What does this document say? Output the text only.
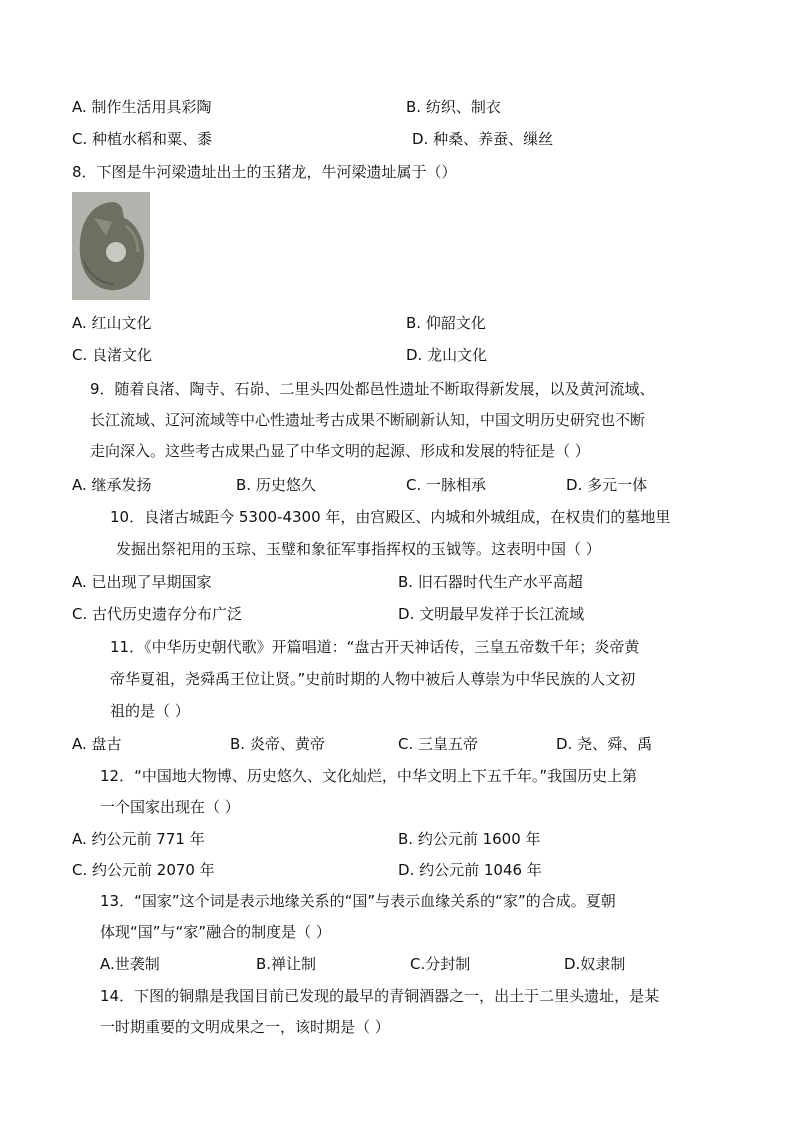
A. 制作生活用具彩陶	B. 纺织、制衣
C. 种植水稻和粟、黍	D. 种桑、养蚕、缫丝
8．下图是牛河梁遗址出土的玉猪龙，牛河梁遗址属于（）
A. 红山文化	B. 仰韶文化
C. 良渚文化	D. 龙山文化
9．随着良渚、陶寺、石峁、二里头四处都邑性遗址不断取得新发展，以及黄河流域、
长江流域、辽河流域等中心性遗址考古成果不断刷新认知，中国文明历史研究也不断
走向深入。这些考古成果凸显了中华文明的起源、形成和发展的特征是（ ）
A. 继承发扬	B. 历史悠久	C. 一脉相承	D. 多元一体
10．良渚古城距今 5300-4300 年，由宫殿区、内城和外城组成，在权贵们的墓地里
发掘出祭祀用的玉琮、玉璧和象征军事指挥权的玉钺等。这表明中国（ ）
A. 已出现了早期国家	B. 旧石器时代生产水平高超
C. 古代历史遗存分布广泛	D. 文明最早发祥于长江流域
11．《中华历史朝代歌》开篇唱道：“盘古开天神话传，三皇五帝数千年；炎帝黄
帝华夏祖，尧舜禹王位让贤。”史前时期的人物中被后人尊崇为中华民族的人文初
祖的是（ ）
A. 盘古	B. 炎帝、黄帝	C. 三皇五帝	D. 尧、舜、禹
12．“中国地大物博、历史悠久、文化灿烂，中华文明上下五千年。”我国历史上第
一个国家出现在（ ）
A. 约公元前 771 年	B. 约公元前 1600 年
C. 约公元前 2070 年	D. 约公元前 1046 年
13．“国家”这个词是表示地缘关系的“国”与表示血缘关系的“家”的合成。夏朝
体现“国”与“家”融合的制度是（ ）
A.世袭制	B.禅让制	C.分封制	D.奴隶制
14．下图的铜鼎是我国目前已发现的最早的青铜酒器之一，出土于二里头遗址，是某
一时期重要的文明成果之一，该时期是（ ）
